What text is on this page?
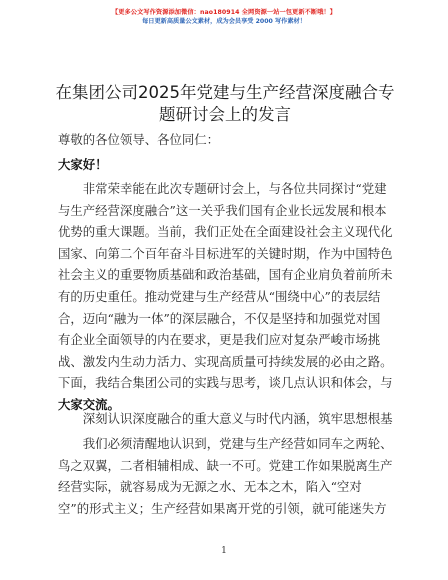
【更多公文写作资源添加微信：nao180914 全网资源一站一包更新不断哦！】
每日更新高质量公文素材，成为会员享受 2000 写作素材！
在集团公司2025年党建与生产经营深度融合专题研讨会上的发言
尊敬的各位领导、各位同仁：
大家好！
非常荣幸能在此次专题研讨会上，与各位共同探讨“党建
与生产经营深度融合”这一关乎我们国有企业长远发展和根本
优势的重大课题。当前，我们正处在全面建设社会主义现代化
国家、向第二个百年奋斗目标进军的关键时期，作为中国特色
社会主义的重要物质基础和政治基础，国有企业肩负着前所未
有的历史重任。推动党建与生产经营从“围绕中心”的表层结
合，迈向“融为一体”的深层融合，不仅是坚持和加强党对国
有企业全面领导的内在要求，更是我们应对复杂严峻市场挑
战、激发内生动力活力、实现高质量可持续发展的必由之路。
下面，我结合集团公司的实践与思考，谈几点认识和体会，与
大家交流。
深刻认识深度融合的重大意义与时代内涵，筑牢思想根基
我们必须清醒地认识到，党建与生产经营如同车之两轮、
鸟之双翼，二者相辅相成、缺一不可。党建工作如果脱离生产
经营实际，就容易成为无源之水、无本之木，陷入“空对
空”的形式主义；生产经营如果离开党的引领，就可能迷失方
1
